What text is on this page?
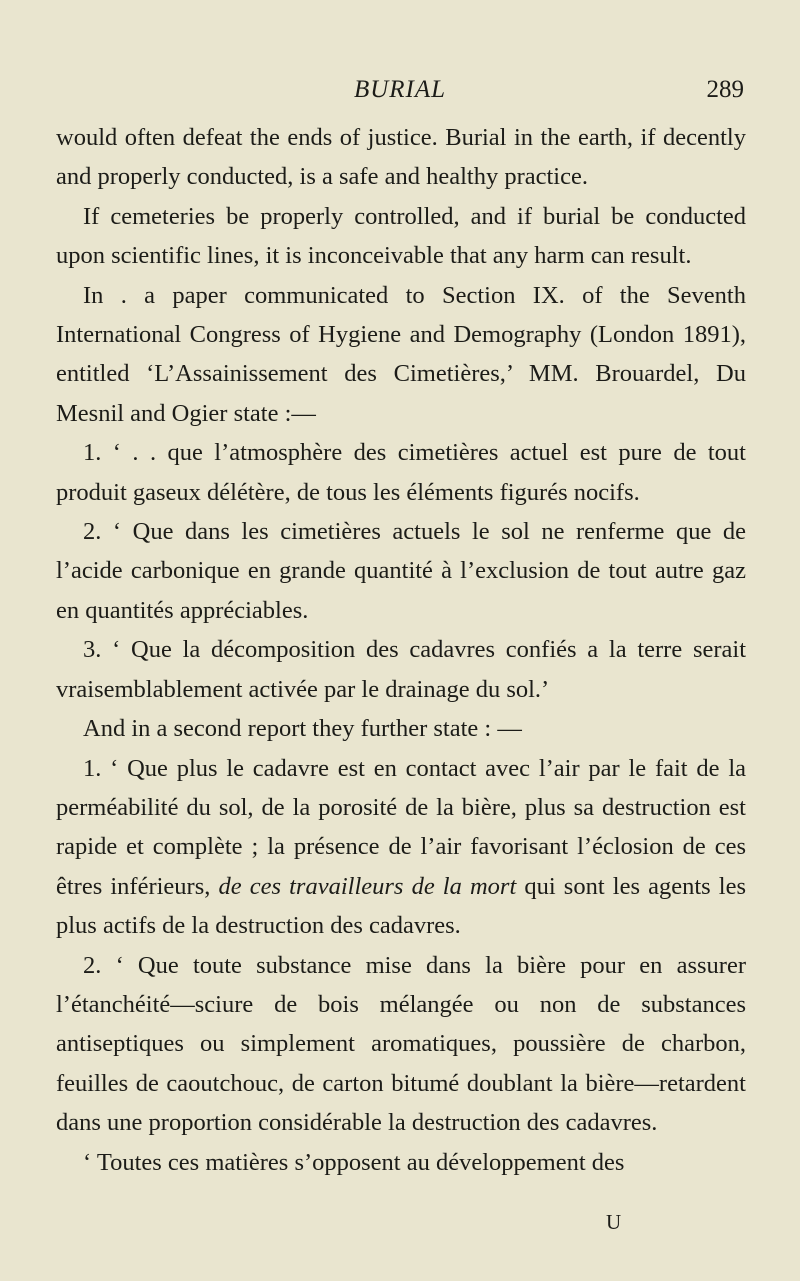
BURIAL	289

would often defeat the ends of justice. Burial in the earth, if decently and properly conducted, is a safe and healthy practice.

If cemeteries be properly controlled, and if burial be conducted upon scientific lines, it is inconceivable that any harm can result.

In . a paper communicated to Section IX. of the Seventh International Congress of Hygiene and Demography (London 1891), entitled ‘L’Assainissement des Cimetières,’ MM. Brouardel, Du Mesnil and Ogier state :—

1. ‘ . . que l’atmosphère des cimetières actuel est pure de tout produit gaseux délétère, de tous les éléments figurés nocifs.

2. ‘ Que dans les cimetières actuels le sol ne renferme que de l’acide carbonique en grande quantité à l’exclusion de tout autre gaz en quantités appréciables.

3. ‘ Que la décomposition des cadavres confiés a la terre serait vraisemblablement activée par le drainage du sol.’

And in a second report they further state : —

1. ‘ Que plus le cadavre est en contact avec l’air par le fait de la perméabilité du sol, de la porosité de la bière, plus sa destruction est rapide et complète ; la présence de l’air favorisant l’éclosion de ces êtres inférieurs, de ces travailleurs de la mort qui sont les agents les plus actifs de la destruction des cadavres.

2. ‘ Que toute substance mise dans la bière pour en assurer l’étanchéité—sciure de bois mélangée ou non de substances antiseptiques ou simplement aromatiques, poussière de charbon, feuilles de caoutchouc, de carton bitumé doublant la bière—retardent dans une proportion considérable la destruction des cadavres.

‘ Toutes ces matières s’opposent au développement des

U
